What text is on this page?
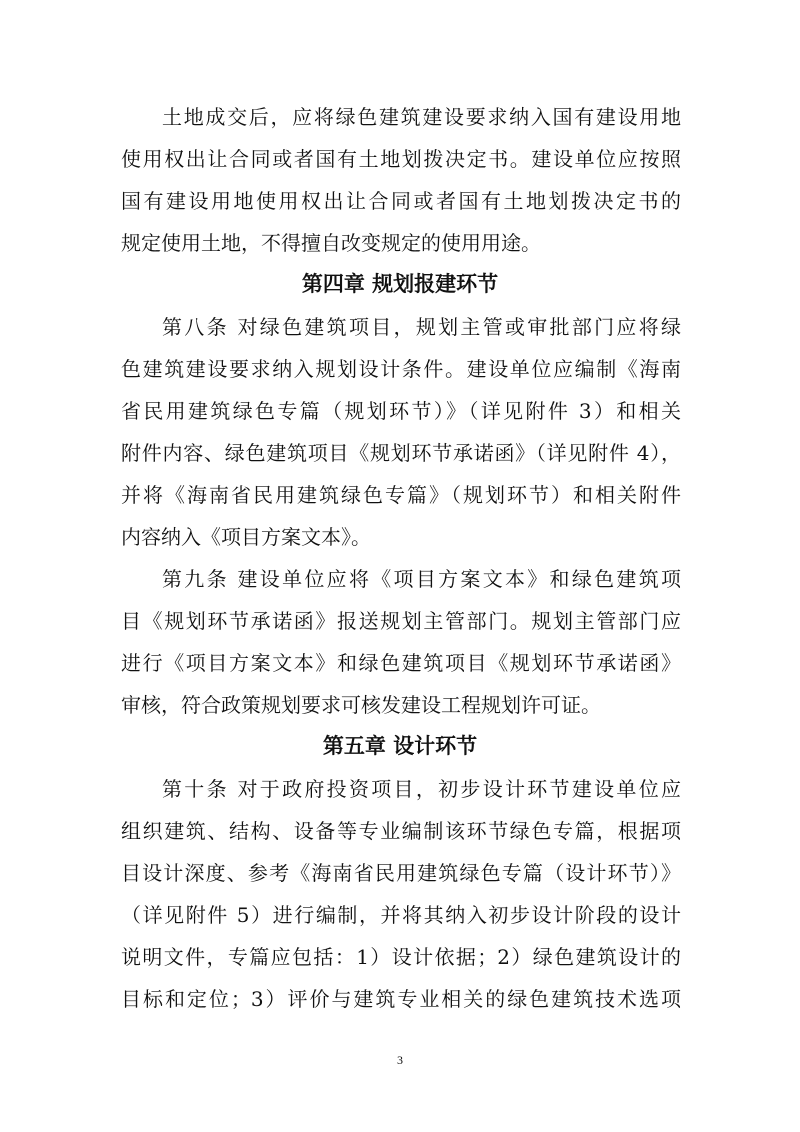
土地成交后，应将绿色建筑建设要求纳入国有建设用地
使用权出让合同或者国有土地划拨决定书。建设单位应按照
国有建设用地使用权出让合同或者国有土地划拨决定书的
规定使用土地，不得擅自改变规定的使用用途。
第四章 规划报建环节
第八条 对绿色建筑项目，规划主管或审批部门应将绿
色建筑建设要求纳入规划设计条件。建设单位应编制《海南
省民用建筑绿色专篇（规划环节）》（详见附件 3）和相关
附件内容、绿色建筑项目《规划环节承诺函》（详见附件 4），
并将《海南省民用建筑绿色专篇》（规划环节）和相关附件
内容纳入《项目方案文本》。
第九条 建设单位应将《项目方案文本》和绿色建筑项
目《规划环节承诺函》报送规划主管部门。规划主管部门应
进行《项目方案文本》和绿色建筑项目《规划环节承诺函》
审核，符合政策规划要求可核发建设工程规划许可证。
第五章 设计环节
第十条 对于政府投资项目，初步设计环节建设单位应
组织建筑、结构、设备等专业编制该环节绿色专篇，根据项
目设计深度、参考《海南省民用建筑绿色专篇（设计环节）》
（详见附件 5）进行编制，并将其纳入初步设计阶段的设计
说明文件，专篇应包括：1）设计依据；2）绿色建筑设计的
目标和定位；3）评价与建筑专业相关的绿色建筑技术选项
3
